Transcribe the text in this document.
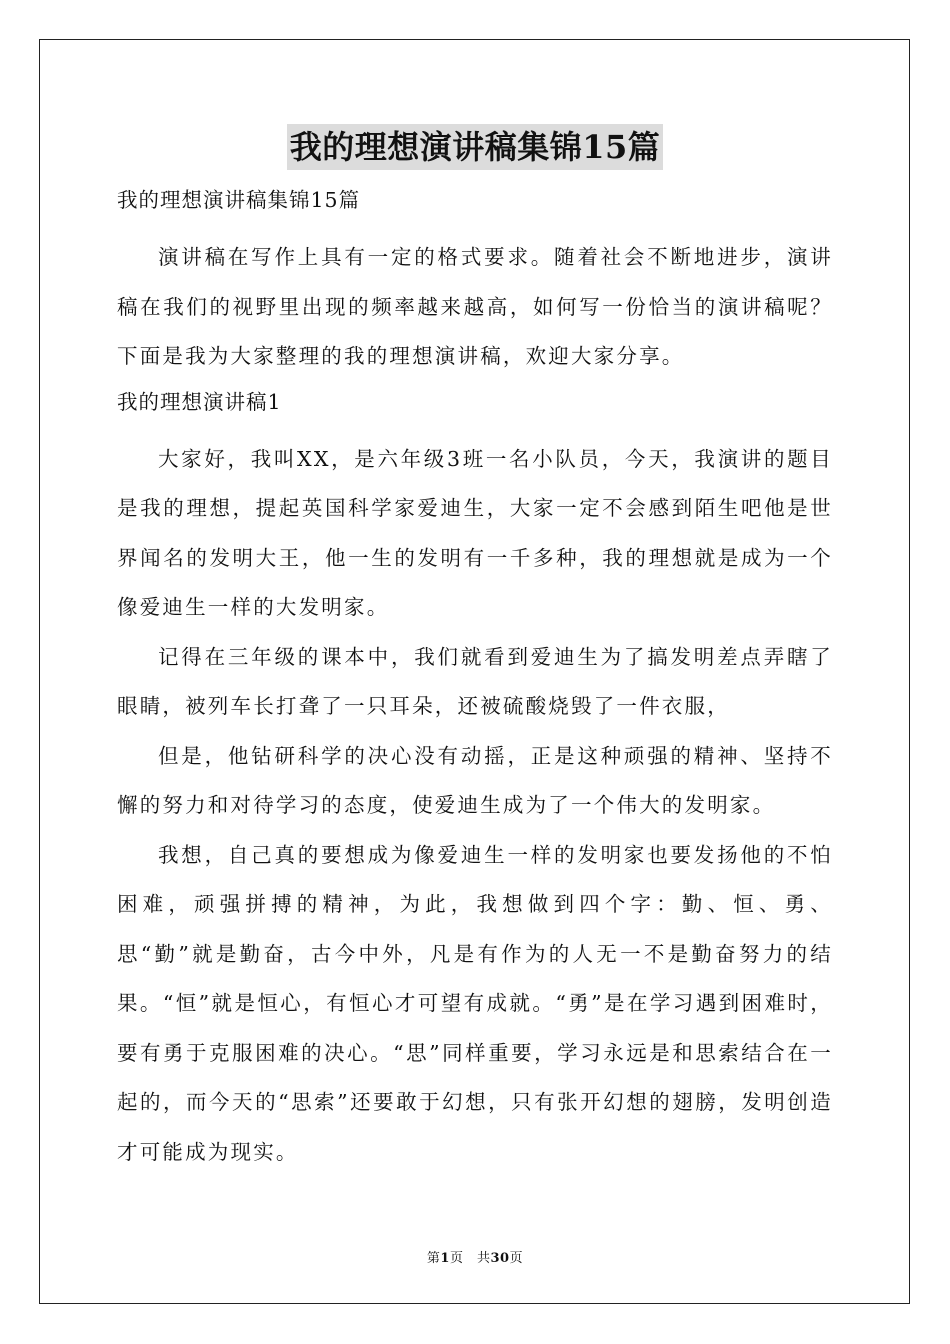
我的理想演讲稿集锦15篇
我的理想演讲稿集锦15篇

演讲稿在写作上具有一定的格式要求。随着社会不断地进步，演讲稿在我们的视野里出现的频率越来越高，如何写一份恰当的演讲稿呢？下面是我为大家整理的我的理想演讲稿，欢迎大家分享。

我的理想演讲稿1

大家好，我叫XX，是六年级3班一名小队员，今天，我演讲的题目是我的理想，提起英国科学家爱迪生，大家一定不会感到陌生吧他是世界闻名的发明大王，他一生的发明有一千多种，我的理想就是成为一个像爱迪生一样的大发明家。

记得在三年级的课本中，我们就看到爱迪生为了搞发明差点弄瞎了眼睛，被列车长打聋了一只耳朵，还被硫酸烧毁了一件衣服，

但是，他钻研科学的决心没有动摇，正是这种顽强的精神、坚持不懈的努力和对待学习的态度，使爱迪生成为了一个伟大的发明家。

我想，自己真的要想成为像爱迪生一样的发明家也要发扬他的不怕困难，顽强拼搏的精神，为此，我想做到四个字：勤、恒、勇、思“勤”就是勤奋，古今中外，凡是有作为的人无一不是勤奋努力的结果。“恒”就是恒心，有恒心才可望有成就。“勇”是在学习遇到困难时，要有勇于克服困难的决心。“思”同样重要，学习永远是和思索结合在一起的，而今天的“思索”还要敢于幻想，只有张开幻想的翅膀，发明创造才可能成为现实。

第1页　共30页
